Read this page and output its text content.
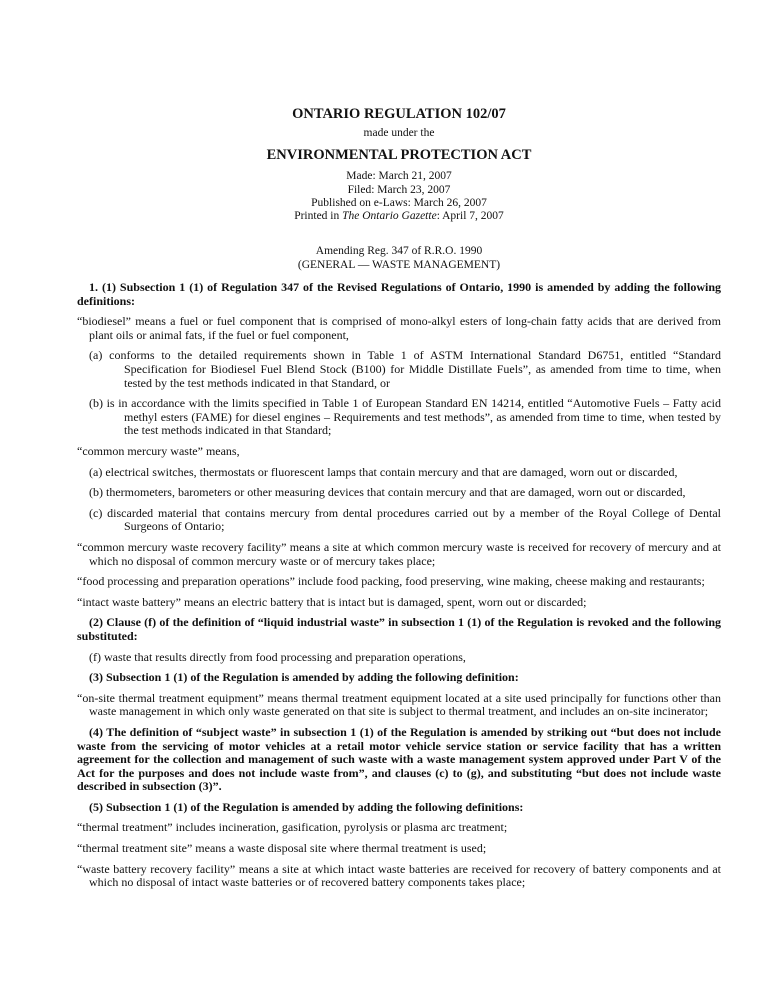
ONTARIO REGULATION 102/07

made under the

ENVIRONMENTAL PROTECTION ACT

Made: March 21, 2007

Filed: March 23, 2007

Published on e-Laws: March 26, 2007

Printed in The Ontario Gazette: April 7, 2007

Amending Reg. 347 of R.R.O. 1990

(GENERAL — WASTE MANAGEMENT)

1. (1) Subsection 1 (1) of Regulation 347 of the Revised Regulations of Ontario, 1990 is amended by adding the following definitions:

“biodiesel” means a fuel or fuel component that is comprised of mono-alkyl esters of long-chain fatty acids that are derived from plant oils or animal fats, if the fuel or fuel component,

(a) conforms to the detailed requirements shown in Table 1 of ASTM International Standard D6751, entitled “Standard Specification for Biodiesel Fuel Blend Stock (B100) for Middle Distillate Fuels”, as amended from time to time, when tested by the test methods indicated in that Standard, or

(b) is in accordance with the limits specified in Table 1 of European Standard EN 14214, entitled “Automotive Fuels – Fatty acid methyl esters (FAME) for diesel engines – Requirements and test methods”, as amended from time to time, when tested by the test methods indicated in that Standard;

“common mercury waste” means,

(a) electrical switches, thermostats or fluorescent lamps that contain mercury and that are damaged, worn out or discarded,

(b) thermometers, barometers or other measuring devices that contain mercury and that are damaged, worn out or discarded,

(c) discarded material that contains mercury from dental procedures carried out by a member of the Royal College of Dental Surgeons of Ontario;

“common mercury waste recovery facility” means a site at which common mercury waste is received for recovery of mercury and at which no disposal of common mercury waste or of mercury takes place;

“food processing and preparation operations” include food packing, food preserving, wine making, cheese making and restaurants;

“intact waste battery” means an electric battery that is intact but is damaged, spent, worn out or discarded;

(2) Clause (f) of the definition of “liquid industrial waste” in subsection 1 (1) of the Regulation is revoked and the following substituted:

(f) waste that results directly from food processing and preparation operations,

(3) Subsection 1 (1) of the Regulation is amended by adding the following definition:

“on-site thermal treatment equipment” means thermal treatment equipment located at a site used principally for functions other than waste management in which only waste generated on that site is subject to thermal treatment, and includes an on-site incinerator;

(4) The definition of “subject waste” in subsection 1 (1) of the Regulation is amended by striking out “but does not include waste from the servicing of motor vehicles at a retail motor vehicle service station or service facility that has a written agreement for the collection and management of such waste with a waste management system approved under Part V of the Act for the purposes and does not include waste from”, and clauses (c) to (g), and substituting “but does not include waste described in subsection (3)”.

(5) Subsection 1 (1) of the Regulation is amended by adding the following definitions:

“thermal treatment” includes incineration, gasification, pyrolysis or plasma arc treatment;

“thermal treatment site” means a waste disposal site where thermal treatment is used;

“waste battery recovery facility” means a site at which intact waste batteries are received for recovery of battery components and at which no disposal of intact waste batteries or of recovered battery components takes place;
